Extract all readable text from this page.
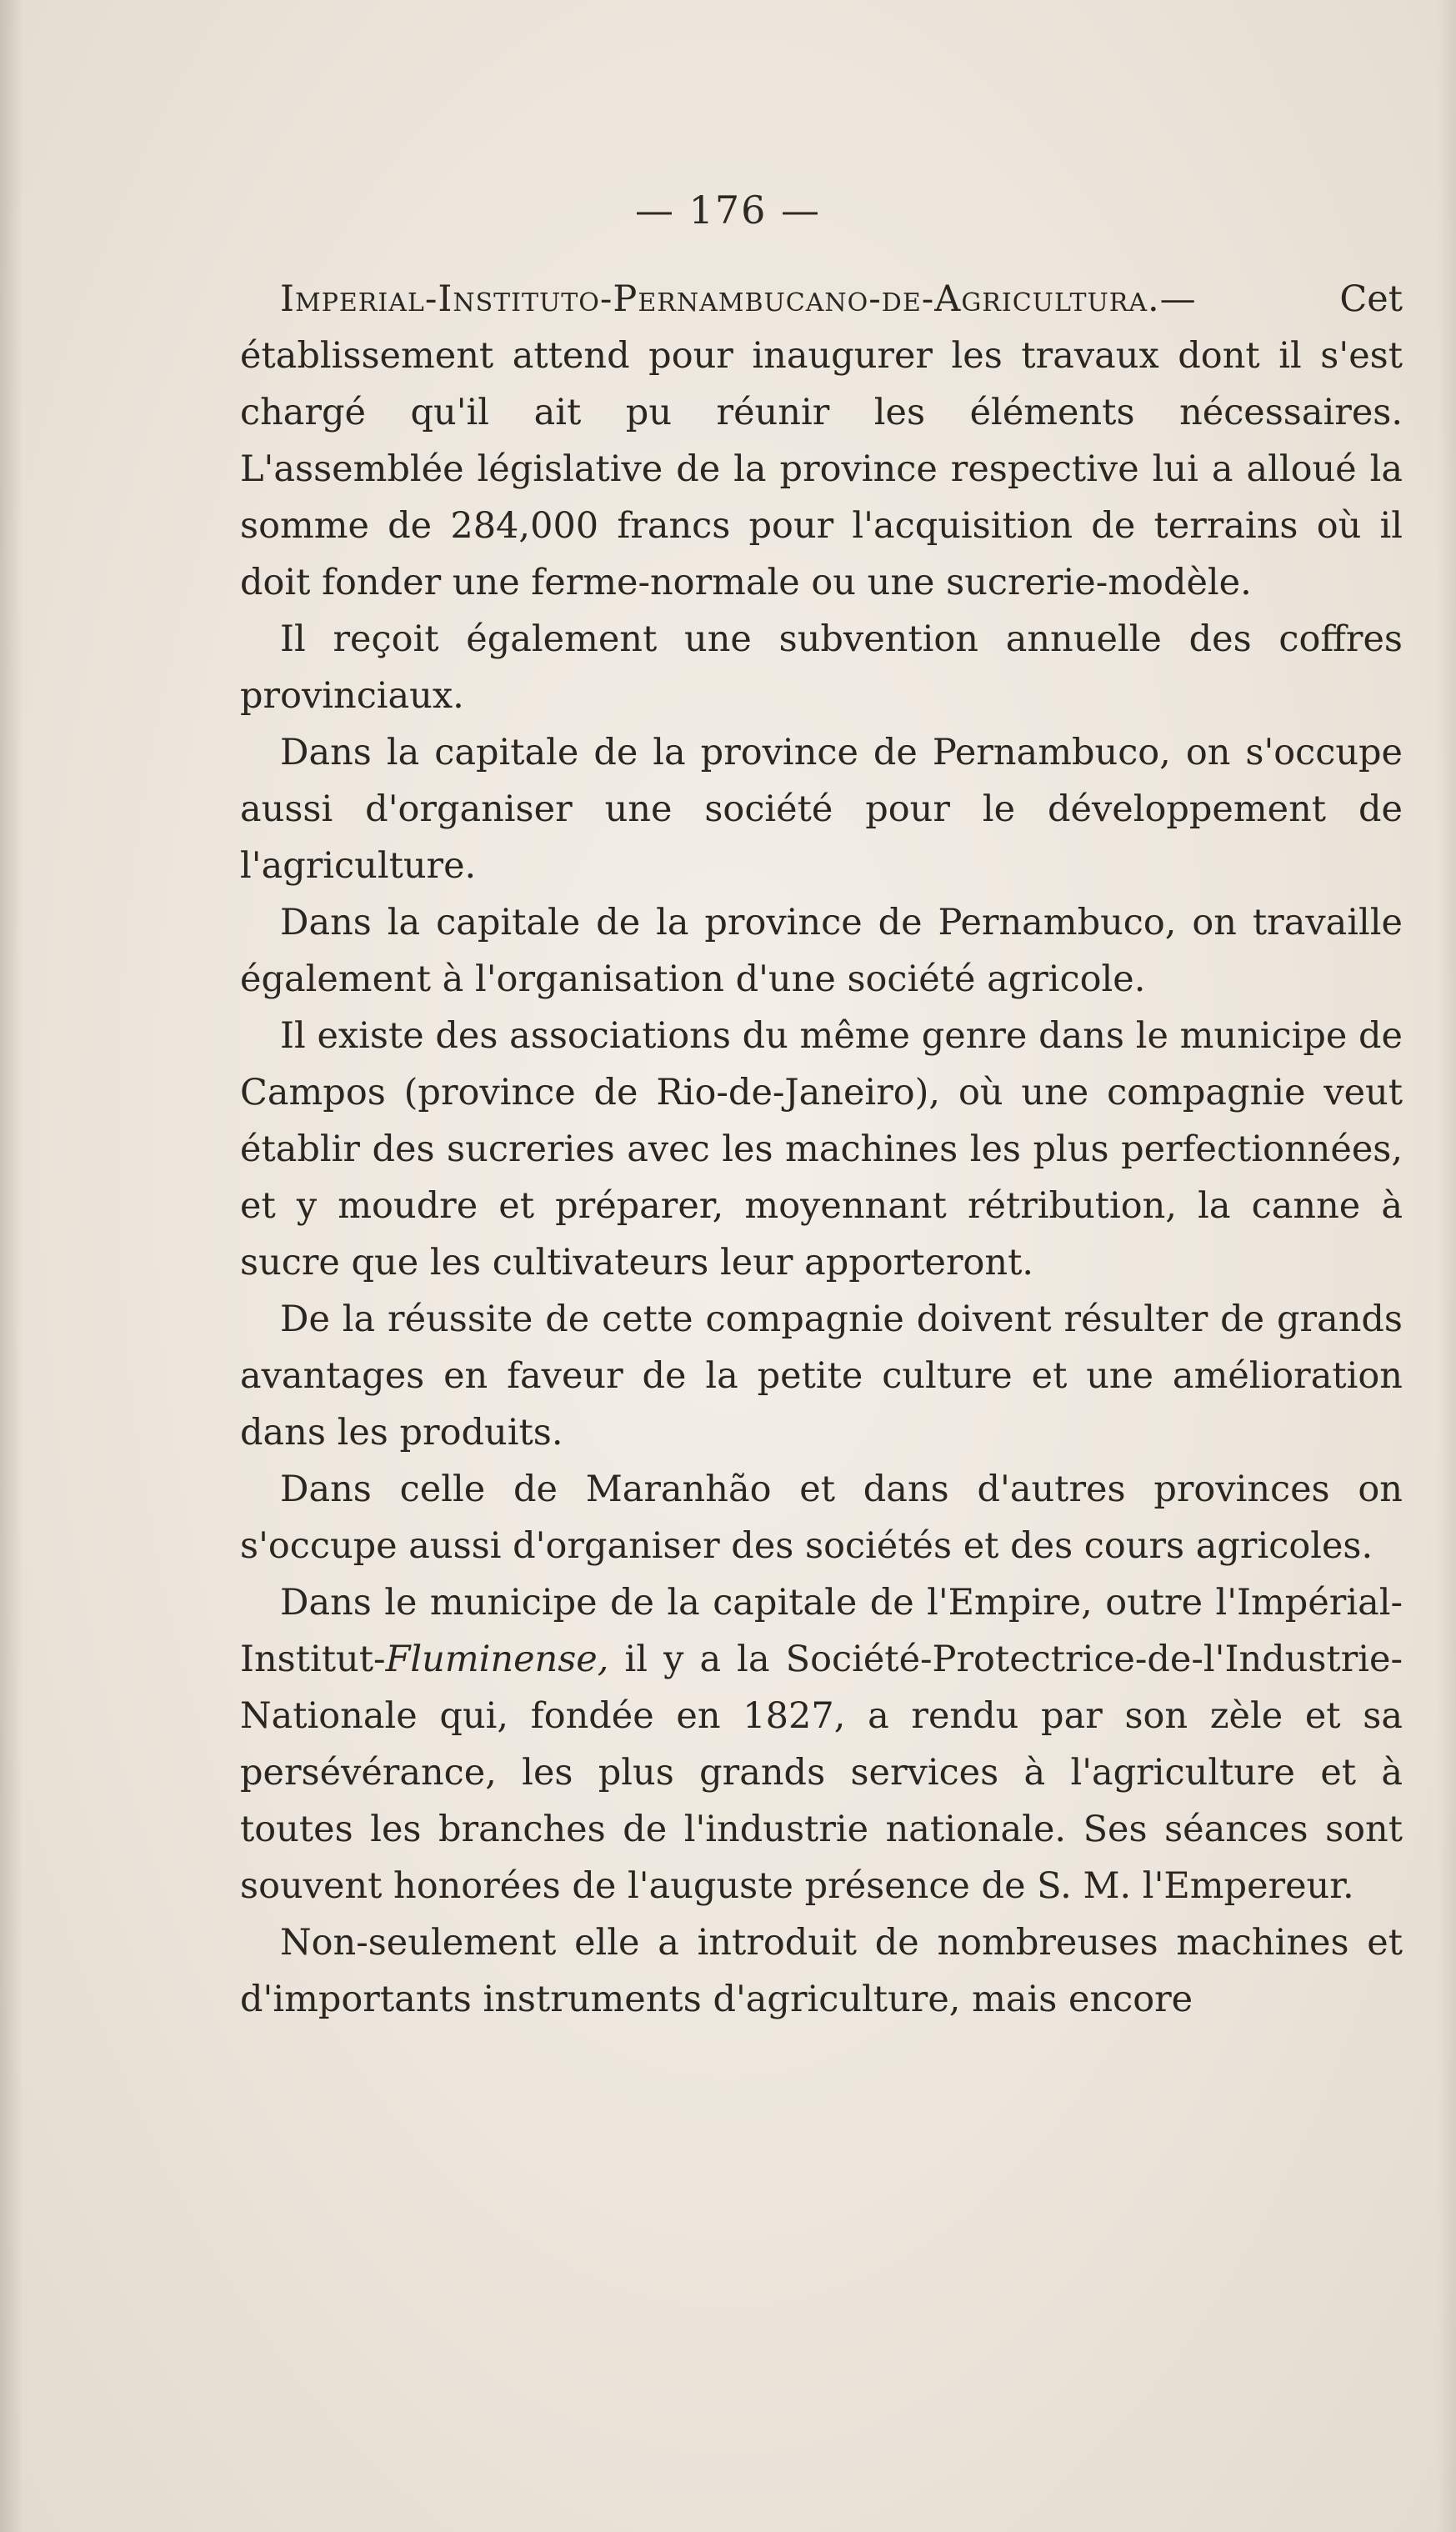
— 176 —

Imperial-Instituto-Pernambucano-de-Agricultura.— Cet établissement attend pour inaugurer les travaux dont il s'est chargé qu'il ait pu réunir les éléments nécessaires. L'assemblée législative de la province respective lui a alloué la somme de 284,000 francs pour l'acquisition de terrains où il doit fonder une ferme-normale ou une sucrerie-modèle.

Il reçoit également une subvention annuelle des coffres provinciaux.

Dans la capitale de la province de Pernambuco, on s'occupe aussi d'organiser une société pour le développement de l'agriculture.

Dans la capitale de la province de Pernambuco, on travaille également à l'organisation d'une société agricole.

Il existe des associations du même genre dans le municipe de Campos (province de Rio-de-Janeiro), où une compagnie veut établir des sucreries avec les machines les plus perfectionnées, et y moudre et préparer, moyennant rétribution, la canne à sucre que les cultivateurs leur apporteront.

De la réussite de cette compagnie doivent résulter de grands avantages en faveur de la petite culture et une amélioration dans les produits.

Dans celle de Maranhão et dans d'autres provinces on s'occupe aussi d'organiser des sociétés et des cours agricoles.

Dans le municipe de la capitale de l'Empire, outre l'Impérial-Institut-Fluminense, il y a la Société-Protectrice-de-l'Industrie-Nationale qui, fondée en 1827, a rendu par son zèle et sa persévérance, les plus grands services à l'agriculture et à toutes les branches de l'industrie nationale. Ses séances sont souvent honorées de l'auguste présence de S. M. l'Empereur.

Non-seulement elle a introduit de nombreuses machines et d'importants instruments d'agriculture, mais encore
